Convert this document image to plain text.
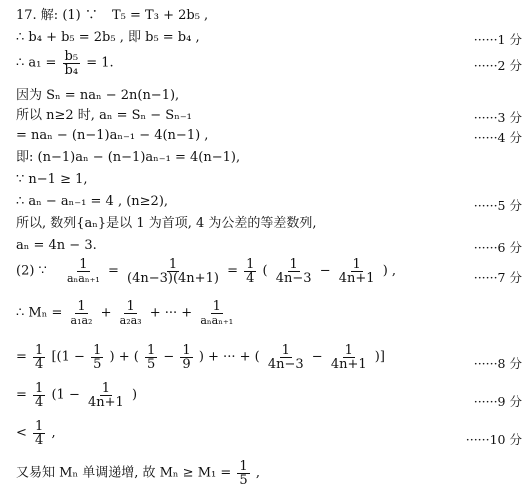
17. 解: (1) ∵ T₅ = T₃ + 2b₅ ,
∴ b₄ + b₅ = 2b₅ , 即 b₅ = b₄ ,	······1 分
∴ $a_1 = \frac{\text{b₅}}{\text{b₄}} = 1$.	······2 分
因为 Sₙ = naₙ − 2n(n−1),
所以 n≥2 时, aₙ = Sₙ − Sₙ₋₁	······3 分
= naₙ − (n−1)aₙ₋₁ − 4(n−1) ,	······4 分
即: (n−1)aₙ − (n−1)aₙ₋₁ = 4(n−1),
∵ n−1 ≥ 1,
∴ aₙ − aₙ₋₁ = 4 , (n≥2),	······5 分
所以, 数列{aₙ}是以 1 为首项, 4 为公差的等差数列,
aₙ = 4n − 3.	······6 分
(2) ∵ $\frac{1}{\text{aₙaₙ₊₁}} = \frac{1}{(4n-3)(4n+1)} = \frac{1}{4}$ ( $\frac{1}{4n-3} - \frac{1}{4n+1}$ ) ,	······7 分
∴ $M_n = \frac{1}{\text{a₁a₂}} + \frac{1}{\text{a₂a₃}}$ + ··· + $\frac{1}{\text{aₙaₙ₊₁}}$
= $\frac{1}{4} [(1 - \frac{1}{5}$ ) + ( $\frac{1}{5} - \frac{1}{9}$ ) + ··· + ( $\frac{1}{4n-3} - \frac{1}{4n+1}$ )]	······8 分
= $\frac{1}{4} (1 - \frac{1}{4n+1}$ )	······9 分
< $\frac{1}{4}$ ,	······10 分
又易知 Mₙ 单调递增, 故 $M_n \ge M_1 = \frac{1}{5}$ ,
